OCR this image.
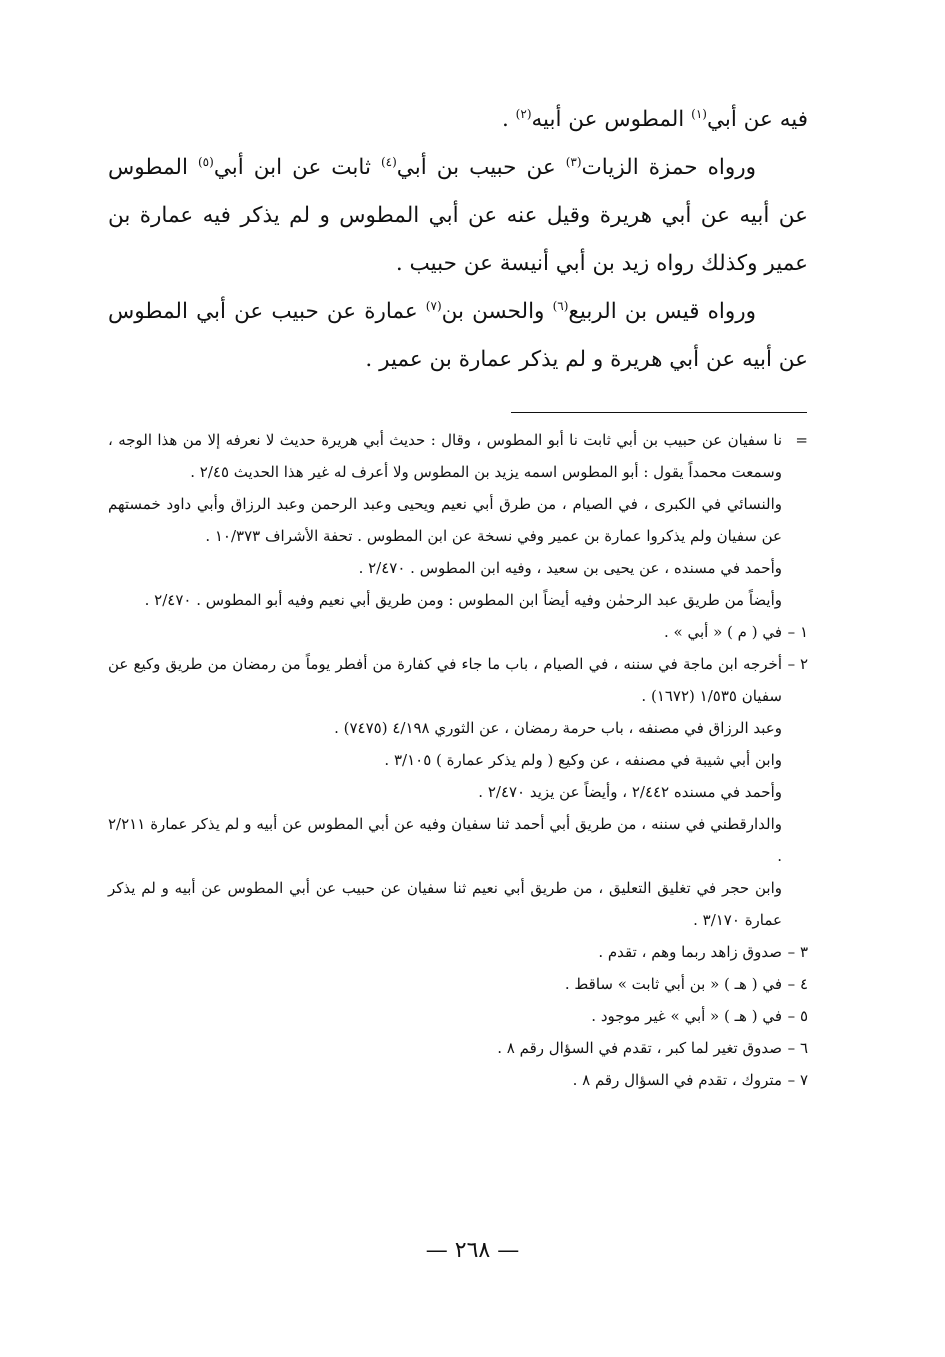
فيه عن أبي$^{(١)}$ المطوس عن أبيه$^{(٢)}$ .

ورواه حمزة الزيات$^{(٣)}$ عن حبيب بن أبي$^{(٤)}$ ثابت عن ابن أبي$^{(٥)}$ المطوس عن أبيه عن أبي هريرة وقيل عنه عن أبي المطوس و لم يذكر فيه عمارة بن عمير وكذلك رواه زيد بن أبي أنيسة عن حبيب .

ورواه قيس بن الربيع$^{(٦)}$ والحسن بن$^{(٧)}$ عمارة عن حبيب عن أبي المطوس عن أبيه عن أبي هريرة و لم يذكر عمارة بن عمير .

=نا سفيان عن حبيب بن أبي ثابت نا أبو المطوس ، وقال : حديث أبي هريرة حديث لا نعرفه إلا من هذا الوجه ، وسمعت محمداً يقول : أبو المطوس اسمه يزيد بن المطوس ولا أعرف له غير هذا الحديث ٢/٤٥ .
والنسائي في الكبرى ، في الصيام ، من طرق أبي نعيم ويحيى وعبد الرحمن وعبد الرزاق وأبي داود خمستهم عن سفيان ولم يذكروا عمارة بن عمير وفي نسخة عن ابن المطوس . تحفة الأشراف ١٠/٣٧٣ .
وأحمد في مسنده ، عن يحيى بن سعيد ، وفيه ابن المطوس . ٢/٤٧٠ .
وأيضاً من طريق عبد الرحمٰن وفيه أيضاً ابن المطوس : ومن طريق أبي نعيم وفيه أبو المطوس . ٢/٤٧٠ .
١ –في ( م ) « أبي » .
٢ –أخرجه ابن ماجة في سننه ، في الصيام ، باب ما جاء في كفارة من أفطر يوماً من رمضان من طريق وكيع عن سفيان ١/٥٣٥ (١٦٧٢) .
وعبد الرزاق في مصنفه ، باب حرمة رمضان ، عن الثوري ٤/١٩٨ (٧٤٧٥) .
وابن أبي شيبة في مصنفه ، عن وكيع ( ولم يذكر عمارة ) ٣/١٠٥ .
وأحمد في مسنده ٢/٤٤٢ ، وأيضاً عن يزيد ٢/٤٧٠ .
والدارقطني في سننه ، من طريق أبي أحمد ثنا سفيان وفيه عن أبي المطوس عن أبيه و لم يذكر عمارة ٢/٢١١ .
وابن حجر في تغليق التعليق ، من طريق أبي نعيم ثنا سفيان عن حبيب عن أبي المطوس عن أبيه و لم يذكر عمارة ٣/١٧٠ .
٣ –صدوق زاهد ربما وهم ، تقدم .
٤ –في ( هـ ) « بن أبي ثابت » ساقط .
٥ –في ( هـ ) « أبي » غير موجود .
٦ –صدوق تغير لما كبر ، تقدم في السؤال رقم ٨ .
٧ –متروك ، تقدم في السؤال رقم ٨ .
— ٢٦٨ —
